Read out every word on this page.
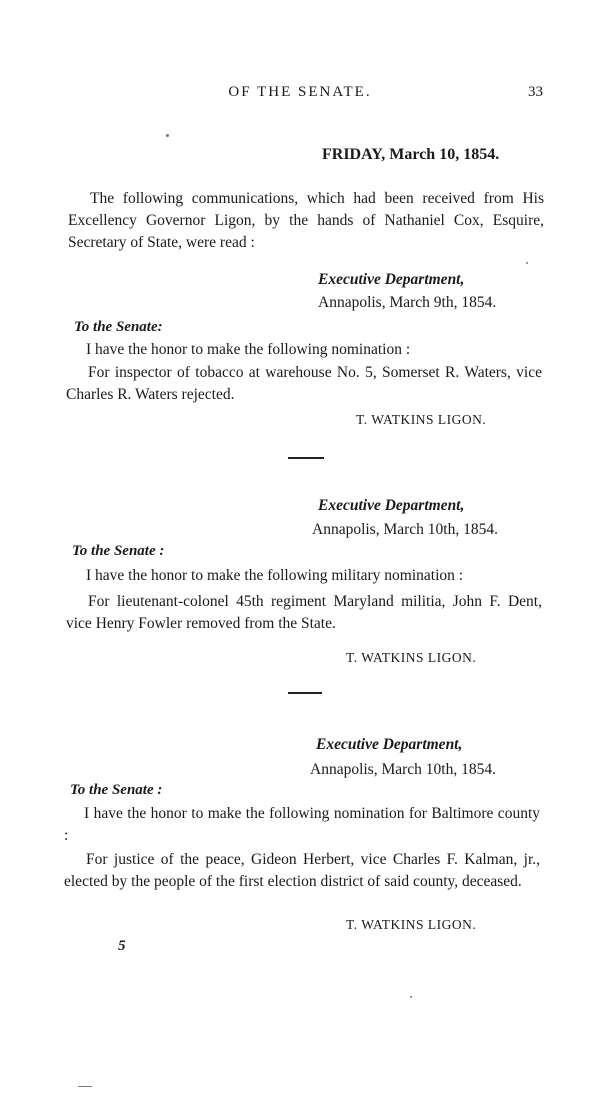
OF THE SENATE.	33
FRIDAY, March 10, 1854.
The following communications, which had been received from His Excellency Governor Ligon, by the hands of Nathaniel Cox, Esquire, Secretary of State, were read :
Executive Department,
Annapolis, March 9th, 1854.
To the Senate:
I have the honor to make the following nomination :
For inspector of tobacco at warehouse No. 5, Somerset R. Waters, vice Charles R. Waters rejected.
T. WATKINS LIGON.
Executive Department,
Annapolis, March 10th, 1854.
To the Senate :
I have the honor to make the following military nomination :
For lieutenant-colonel 45th regiment Maryland militia, John F. Dent, vice Henry Fowler removed from the State.
T. WATKINS LIGON.
Executive Department,
Annapolis, March 10th, 1854.
To the Senate :
I have the honor to make the following nomination for Baltimore county :
For justice of the peace, Gideon Herbert, vice Charles F. Kalman, jr., elected by the people of the first election district of said county, deceased.
T. WATKINS LIGON.
5
